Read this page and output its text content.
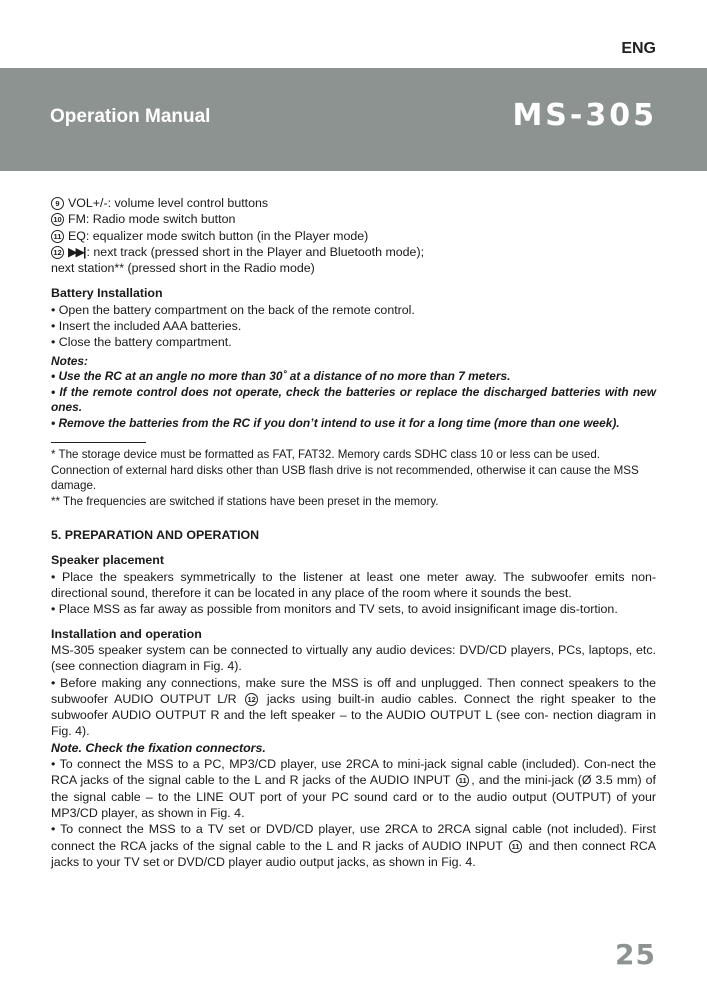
ENG
Operation Manual	MS-305

9 VOL+/-: volume level control buttons

10 FM: Radio mode switch button

11 EQ: equalizer mode switch button (in the Player mode)

12 ▶▶| : next track (pressed short in the Player and Bluetooth mode);
next station** (pressed short in the Radio mode)

Battery Installation

• Open the battery compartment on the back of the remote control.

• Insert the included AAA batteries.

• Close the battery compartment.

Notes:

• Use the RC at an angle no more than 30˚ at a distance of no more than 7 meters.

• If the remote control does not operate, check the batteries or replace the discharged batteries with new ones.

• Remove the batteries from the RC if you don’t intend to use it for a long time (more than one week).

* The storage device must be formatted as FAT, FAT32. Memory cards SDHC class 10 or less can be used. Connection of external hard disks other than USB flash drive is not recommended, otherwise it can cause the MSS damage.

** The frequencies are switched if stations have been preset in the memory.

5. PREPARATION AND OPERATION

Speaker placement

• Place the speakers symmetrically to the listener at least one meter away. The subwoofer emits non-directional sound, therefore it can be located in any place of the room where it sounds the best.

• Place MSS as far away as possible from monitors and TV sets, to avoid insignificant image dis-tortion.

Installation and operation

MS-305 speaker system can be connected to virtually any audio devices: DVD/CD players, PCs, laptops, etc. (see connection diagram in Fig. 4).

• Before making any connections, make sure the MSS is off and unplugged. Then connect speakers to the subwoofer AUDIO OUTPUT L/R 12 jacks using built-in audio cables. Connect the right speaker to the subwoofer AUDIO OUTPUT R and the left speaker – to the AUDIO OUTPUT L (see con- nection diagram in Fig. 4).

Note. Check the fixation connectors.

• To connect the MSS to a PC, MP3/CD player, use 2RCA to mini-jack signal cable (included). Con-nect the RCA jacks of the signal cable to the L and R jacks of the AUDIO INPUT 11 , and the mini-jack (Ø 3.5 mm) of the signal cable – to the LINE OUT port of your PC sound card or to the audio output (OUTPUT) of your MP3/CD player, as shown in Fig. 4.

• To connect the MSS to a TV set or DVD/CD player, use 2RCA to 2RCA signal cable (not included). First connect the RCA jacks of the signal cable to the L and R jacks of AUDIO INPUT 11 and then connect RCA jacks to your TV set or DVD/CD player audio output jacks, as shown in Fig. 4.

25
